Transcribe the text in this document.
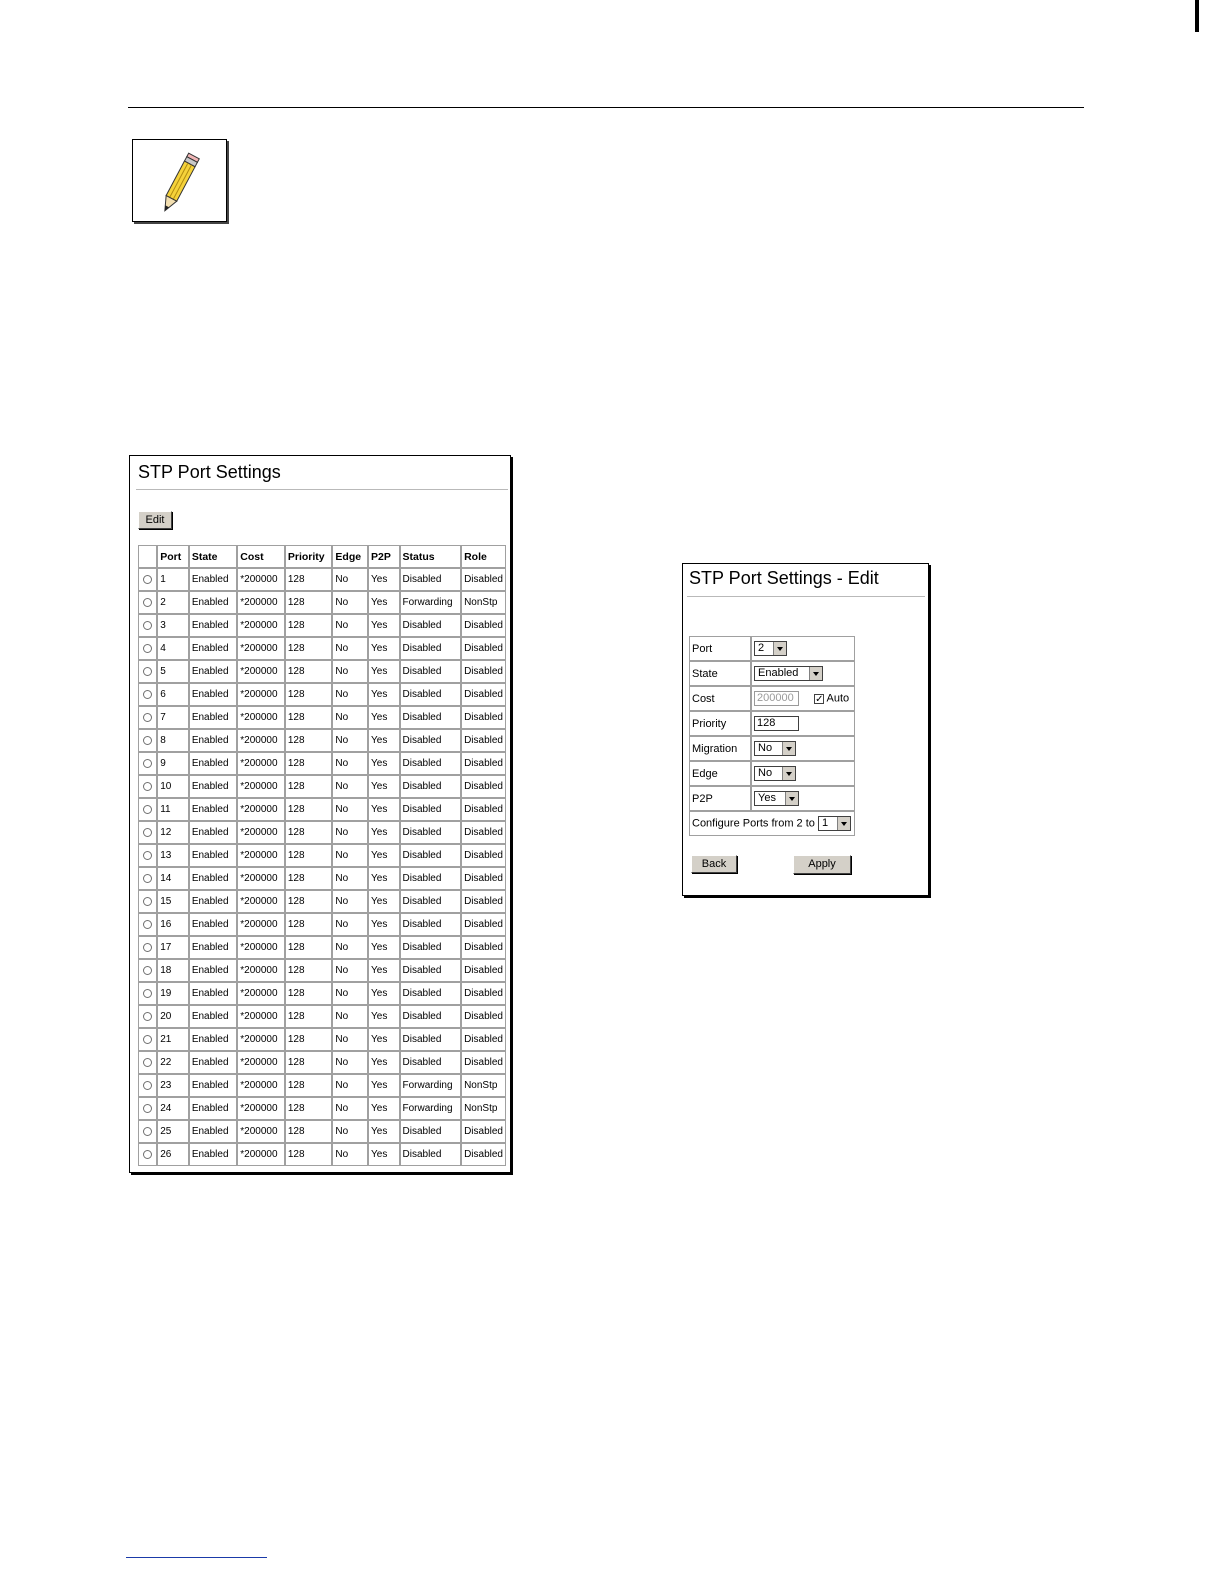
STP Port Settings
Edit
	Port	State	Cost	Priority	Edge	P2P	Status	Role
	1	Enabled	*200000	128	No	Yes	Disabled	Disabled
	2	Enabled	*200000	128	No	Yes	Forwarding	NonStp
	3	Enabled	*200000	128	No	Yes	Disabled	Disabled
	4	Enabled	*200000	128	No	Yes	Disabled	Disabled
	5	Enabled	*200000	128	No	Yes	Disabled	Disabled
	6	Enabled	*200000	128	No	Yes	Disabled	Disabled
	7	Enabled	*200000	128	No	Yes	Disabled	Disabled
	8	Enabled	*200000	128	No	Yes	Disabled	Disabled
	9	Enabled	*200000	128	No	Yes	Disabled	Disabled
	10	Enabled	*200000	128	No	Yes	Disabled	Disabled
	11	Enabled	*200000	128	No	Yes	Disabled	Disabled
	12	Enabled	*200000	128	No	Yes	Disabled	Disabled
	13	Enabled	*200000	128	No	Yes	Disabled	Disabled
	14	Enabled	*200000	128	No	Yes	Disabled	Disabled
	15	Enabled	*200000	128	No	Yes	Disabled	Disabled
	16	Enabled	*200000	128	No	Yes	Disabled	Disabled
	17	Enabled	*200000	128	No	Yes	Disabled	Disabled
	18	Enabled	*200000	128	No	Yes	Disabled	Disabled
	19	Enabled	*200000	128	No	Yes	Disabled	Disabled
	20	Enabled	*200000	128	No	Yes	Disabled	Disabled
	21	Enabled	*200000	128	No	Yes	Disabled	Disabled
	22	Enabled	*200000	128	No	Yes	Disabled	Disabled
	23	Enabled	*200000	128	No	Yes	Forwarding	NonStp
	24	Enabled	*200000	128	No	Yes	Forwarding	NonStp
	25	Enabled	*200000	128	No	Yes	Disabled	Disabled
	26	Enabled	*200000	128	No	Yes	Disabled	Disabled
STP Port Settings - Edit
Port	2

State	Enabled

Cost	200000 ✓ Auto
Priority	128
Migration	No

Edge	No

P2P	Yes

Configure Ports from 2 to 1	
Back	Apply
